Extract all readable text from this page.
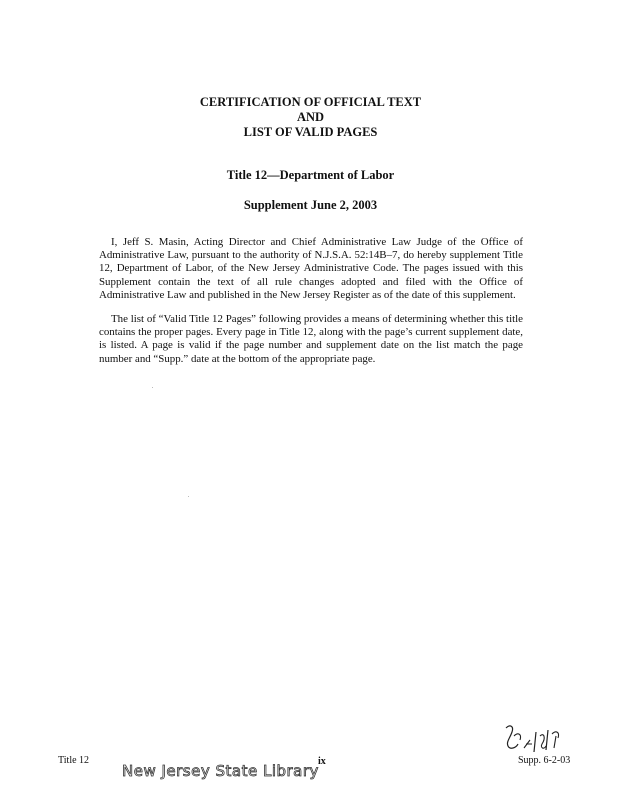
CERTIFICATION OF OFFICIAL TEXT
AND
LIST OF VALID PAGES
Title 12—Department of Labor
Supplement June 2, 2003

I, Jeff S. Masin, Acting Director and Chief Administrative Law Judge of the Office of Administrative Law, pursuant to the authority of N.J.S.A. 52:14B–7, do hereby supplement Title 12, Department of Labor, of the New Jersey Administrative Code. The pages issued with this Supplement contain the text of all rule changes adopted and filed with the Office of Administrative Law and published in the New Jersey Register as of the date of this supplement.

The list of “Valid Title 12 Pages” following provides a means of determining whether this title contains the proper pages. Every page in Title 12, along with the page’s current supplement date, is listed. A page is valid if the page number and supplement date on the list match the page number and “Supp.” date at the bottom of the appropriate page.

Title 12	ix	Supp. 6-2-03
New Jersey State Library
